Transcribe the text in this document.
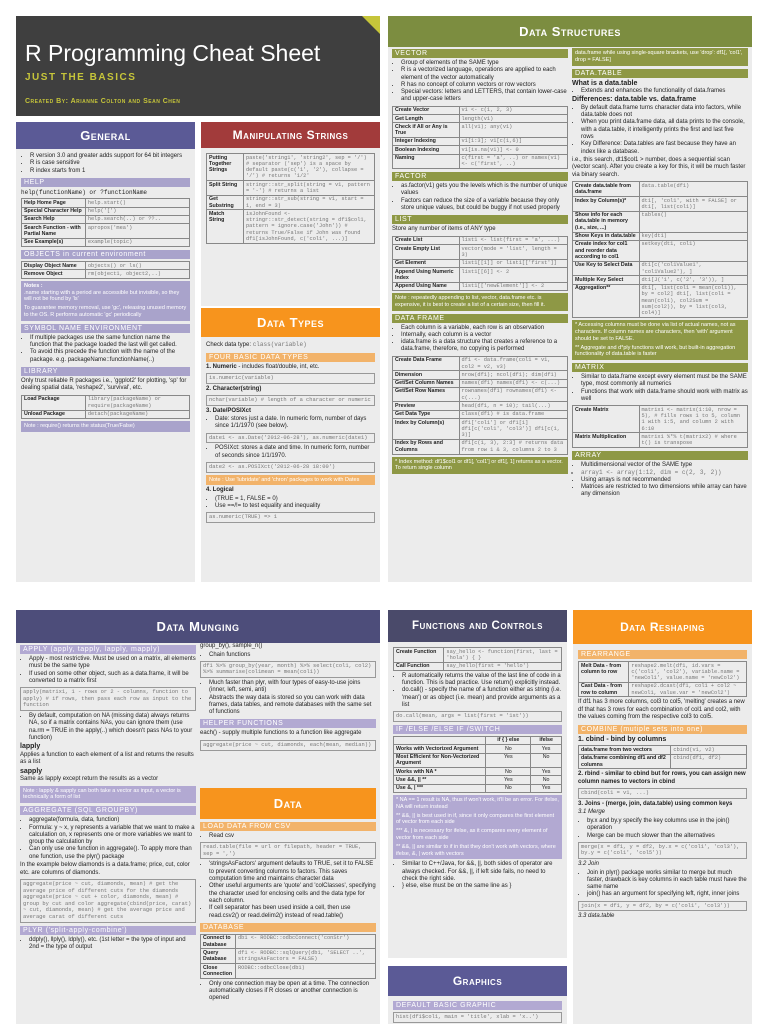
R Programming Cheat Sheet
JUST THE BASICS
Created By: Arianne Colton and Sean Chen
General
• R version 3.0 and greater adds support for 64 bit integers
• R is case sensitive
• R index starts from 1
HELP
help(functionName) or ?functionName
Help Home Page	help.start()
Special Character Help	help('[')
Search Help	help.search(..) or ??..
Search Function - with Partial Name	apropos('mea')
See Example(s)	example(topic)
OBJECTS in current environment
Display Object Name	objects() or ls()
Remove Object	rm(object1, object2,..)
Notes :
.name starting with a period are accessible but invisible, so they will not be found by 'ls'
To guarantee memory removal, use 'gc', releasing unused memory to the OS. R performs automatic 'gc' periodically
SYMBOL NAME ENVIRONMENT
• If multiple packages use the same function name the function that the package loaded the last will get called.
• To avoid this precede the function with the name of the package. e.g. packageName::functionName(..)
LIBRARY
Only trust reliable R packages i.e., 'ggplot2' for plotting, 'sp' for dealing spatial data, 'reshape2', 'survival', etc.
Load Package	library(packageName) or require(packageName)
Unload Package	detach(packageName)
Note : require() returns the status(True/False)
Manipulating Strings
Putting Together Strings	paste('string1', 'string2', sep = '/') # separator ('sep') is a space by default paste(c('1', '2'), collapse = '/') # returns '1/2'
Split String	stringr::str_split(string = v1, pattern = '-') # returns a list
Get Substring	stringr::str_sub(string = v1, start = 1, end = 3)
Match String	isJohnFound <- stringr::str_detect(string = df1$col1, pattern = ignore.case('John')) # returns True/False if John was found df1[isJohnFound, c('col1', ...)]
Data Types
Check data type: class(variable)
FOUR BASIC DATA TYPES
1. Numeric - includes float/double, int, etc.
is.numeric(variable)
2. Character(string)
nchar(variable) # length of a character or numeric
3. Date/POSIXct
• Date: stores just a date. In numeric form, number of days since 1/1/1970 (see below).
date1 <- as.Date('2012-06-28'), as.numeric(date1)
• POSIXct: stores a date and time. In numeric form, number of seconds since 1/1/1970.
date2 <- as.POSIXct('2012-06-28 18:00')
Note : Use 'lubridate' and 'chron' packages to work with Dates
4. Logical
• (TRUE = 1, FALSE = 0)
• Use ==/!= to test equality and inequality
as.numeric(TRUE) => 1
Data Structures
VECTOR
• Group of elements of the SAME type
• R is a vectorized language, operations are applied to each element of the vector automatically
• R has no concept of column vectors or row vectors
• Special vectors: letters and LETTERS, that contain lower-case and upper-case letters
Create Vector	v1 <- c(1, 2, 3)
Get Length	length(v1)
Check if All or Any is True	all(v1); any(v1)
Integer Indexing	v1[1:3]; v1[c(1,6)]
Boolean Indexing	v1[is.na(v1)] <- 0
Naming	c(first = 'a', ..) or names(v1) <- c('first', ..)
FACTOR
• as.factor(v1) gets you the levels which is the number of unique values
• Factors can reduce the size of a variable because they only store unique values, but could be buggy if not used properly
LIST
Store any number of items of ANY type
Create List	list1 <- list(first = 'a', ...)
Create Empty List	vector(mode = 'list', length = 3)
Get Element	list1[[1]] or list1[['first']]
Append Using Numeric Index	list1[[6]] <- 2
Append Using Name	list1[['newElement']] <- 2
Note : repeatedly appending to list, vector, data.frame etc. is expensive, it is best to create a list of a certain size, then fill it.
DATA FRAME
• Each column is a variable, each row is an observation
• Internally, each column is a vector
• idata.frame is a data structure that creates a reference to a data.frame, therefore, no copying is performed
Create Data Frame	df1 <- data.frame(col1 = v1, col2 = v2, v3)
Dimension	nrow(df1); ncol(df1); dim(df1)
Get/Set Column Names	names(df1) names(df1) <- c(...)
Get/Set Row Names	rownames(df1) rownames(df1) <- c(...)
Preview	head(df1, n = 10); tail(...)
Get Data Type	class(df1) # is data.frame
Index by Column(s)	df1['col1'] or df1[1] df1[c('col1', 'col3')] df1[c(1, 3)]
Index by Rows and Columns	df1[c(1, 3), 2:3] # returns data from row 1 & 3, columns 2 to 3
* Index method: df1$col1 or df1[, 'col1'] or df1[, 1] returns as a vector. To return single column
data.frame while using single-square brackets, use 'drop': df1[, 'col1', drop = FALSE]
DATA.TABLE
What is a data.table
• Extends and enhances the functionality of data.frames
Differences: data.table vs. data.frame
• By default data.frame turns character data into factors, while data.table does not
• When you print data.frame data, all data prints to the console, with a data.table, it intelligently prints the first and last five rows
• Key Difference: Data.tables are fast because they have an index like a database.
i.e., this search, dt1$col1 > number, does a sequential scan (vector scan). After you create a key for this, it will be much faster via binary search.
Create data.table from data.frame	data.table(df1)
Index by Column(s)*	dt1[, 'col1', with = FALSE] or dt1[, list(col1)]
Show info for each data.table in memory (i.e., size, ...)	tables()
Show Keys in data.table	key(dt1)
Create index for col1 and reorder data according to col1	setkey(dt1, col1)
Use Key to Select Data	dt1[c('col1Value1', 'col1Value2'), ]
Multiple Key Select	dt1[J('1', c('2', '3')), ]
Aggregation**	dt1[, list(col1 = mean(col1)), by = col2] dt1[, list(col1 = mean(col1), col2Sum = sum(col2)), by = list(col3, col4)]
* Accessing columns must be done via list of actual names, not as characters. If column names are characters, then 'with' argument should be set to FALSE.
** Aggregate and d*ply functions will work, but built-in aggregation functionality of data.table is faster
MATRIX
• Similar to data.frame except every element must be the SAME type, most commonly all numerics
• Functions that work with data.frame should work with matrix as well
Create Matrix	matrix1 <- matrix(1:10, nrow = 5), # fills rows 1 to 5, column 1 with 1:5, and column 2 with 6:10
Matrix Multiplication	matrix1 %*% t(matrix2) # where t() is transpose
ARRAY
• Multidimensional vector of the SAME type
• array1 <- array(1:12, dim = c(2, 3, 2))
• Using arrays is not recommended
• Matrices are restricted to two dimensions while array can have any dimension
Data Munging
APPLY (apply, tapply, lapply, mapply)
• Apply - most restrictive. Must be used on a matrix, all elements must be the same type
• If used on some other object, such as a data.frame, it will be converted to a matrix first
apply(matrix1, 1 - rows or 2 - columns, function to apply) # if rows, then pass each row as input to the function
• By default, computation on NA (missing data) always returns NA, so if a matrix contains NAs, you can ignore them (use na.rm = TRUE in the apply(..) which doesn't pass NAs to your function)
lapply
Applies a function to each element of a list and returns the results as a list
sapply
Same as lapply except return the results as a vector
Note : lapply & sapply can both take a vector as input, a vector is technically a form of list
AGGREGATE (SQL GROUPBY)
• aggregate(formula, data, function)
• Formula: y ~ x, y represents a variable that we want to make a calculation on, x represents one or more variables we want to group the calculation by
• Can only use one function in aggregate(). To apply more than one function, use the plyr() package
In the example below diamonds is a data.frame; price, cut, color etc. are columns of diamonds.
aggregate(price ~ cut, diamonds, mean) # get the average price of different cuts for the diamonds aggregate(price ~ cut + color, diamonds, mean) # group by cut and color aggregate(cbind(price, carat) ~ cut, diamonds, mean) # get the average price and average carat of different cuts
PLYR ('split-apply-combine')
• ddply(), llply(), ldply(), etc. (1st letter = the type of input and 2nd = the type of output
group_by(), sample_n()
• Chain functions
df1 %>% group_by(year, month) %>% select(col1, col2) %>% summarise(col1mean = mean(col1))
• Much faster than plyr, with four types of easy-to-use joins (inner, left, semi, anti)
• Abstracts the way data is stored so you can work with data frames, data tables, and remote databases with the same set of functions
HELPER FUNCTIONS
each() - supply multiple functions to a function like aggregate
aggregate(price ~ cut, diamonds, each(mean, median))
Data
LOAD DATA FROM CSV
• Read csv
read.table(file = url or filepath, header = TRUE, sep = ',')
• 'stringsAsFactors' argument defaults to TRUE, set it to FALSE to prevent converting columns to factors. This saves computation time and maintains character data
• Other useful arguments are 'quote' and 'colClasses', specifying the character used for enclosing cells and the data type for each column.
• If cell separator has been used inside a cell, then use read.csv2() or read.delim2() instead of read.table()
DATABASE
Connect to Database	db1 <- RODBC::odbcConnect('conStr')
Query Database	df1 <- RODBC::sqlQuery(db1, 'SELECT ..', stringsAsFactors = FALSE)
Close Connection	RODBC::odbcClose(db1)
• Only one connection may be open at a time. The connection automatically closes if R closes or another connection is opened
Functions and Controls
Create Function	say_hello <- function(first, last = 'hola') { }
Call Function	say_hello(first = 'hello')
• R automatically returns the value of the last line of code in a function. This is bad practice. Use return() explicitly instead.
• do.call() - specify the name of a function either as string (i.e. 'mean') or as object (i.e. mean) and provide arguments as a list
do.call(mean, args = list(first = '1st'))
IF /ELSE /ELSE IF /SWITCH
	if { } else	ifelse
Works with Vectorized Argument	No	Yes
Most Efficient for Non-Vectorized Argument	Yes	No
Works with NA *	No	Yes
Use &&, || **	Yes	No
Use &, | ***	No	Yes
* NA == 1 result is NA, thus if won't work, it'll be an error. For ifelse, NA will return instead
** &&, || is best used in if, since it only compares the first element of vector from each side
*** &, | is necessary for ifelse, as it compares every element of vector from each side
** &&, || are similar to if in that they don't work with vectors, where ifelse, &, | work with vectors
• Similar to C++/Java, for &&, ||, both sides of operator are always checked. For &&, ||, if left side fails, no need to check the right side.
• } else, else must be on the same line as }
Graphics
DEFAULT BASIC GRAPHIC
hist(df1$col1, main = 'title', xlab = 'x..')
Data Reshaping
REARRANGE
Melt Data - from column to row	reshape2.melt(df1, id.vars = c('col1', 'col2'), variable.name = 'newCol1', value.name = 'newCol2')
Cast Data - from row to column	reshape2.dcast(df1, col1 + col2 ~ newCol1, value.var = 'newCol2')
If df1 has 3 more columns, col3 to col5, 'melting' creates a new df that has 3 rows for each combination of col1 and col2, with the values coming from the respective col3 to col5.
COMBINE (mutiple sets into one)
1. cbind - bind by columns
data.frame from two vectors	cbind(v1, v2)
data.frame combining df1 and df2 columns	cbind(df1, df2)
2. rbind - similar to cbind but for rows, you can assign new column names to vectors in cbind
cbind(col1 = v1, ...)
3. Joins - (merge, join, data.table) using common keys
3.1 Merge
• by.x and by.y specify the key columns use in the join() operation
• Merge can be much slower than the alternatives
merge(x = df1, y = df2, by.x = c('col1', 'col3'), by.y = c('col1', 'col5'))
3.2 Join
• Join in plyr() package works similar to merge but much faster, drawback is key columns in each table must have the same name
• join() has an argument for specifying left, right, inner joins
join(x = df1, y = df2, by = c('col1', 'col3'))
3.3 data.table
